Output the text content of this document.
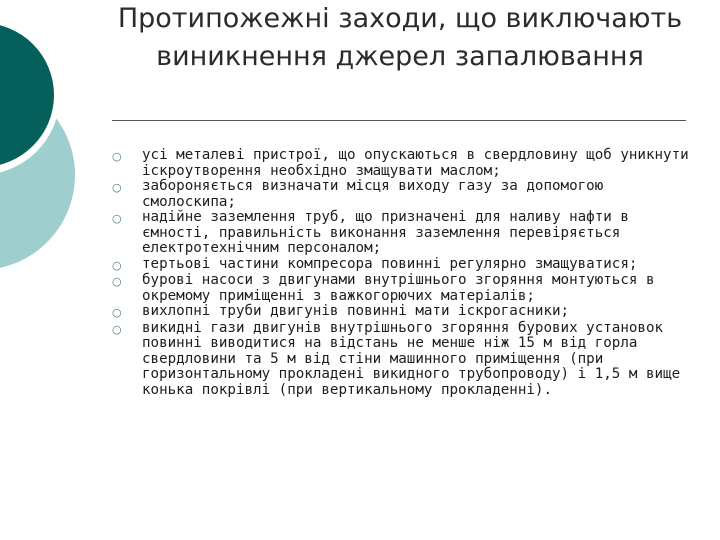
Протипожежні заходи, що виключають виникнення джерел запалювання
○	усі металеві пристрої, що опускаються в свердловину щоб уникнути іскроутворення необхідно змащувати маслом;
○	забороняється визначати місця виходу газу за допомогою смолоскипа;
○	надійне заземлення труб, що призначені для наливу нафти в ємності, правильність виконання заземлення перевіряється електротехнічним персоналом;
○	тертьові частини компресора повинні регулярно змащуватися;
○	бурові насоси з двигунами внутрішнього згоряння монтуються в окремому приміщенні з важкогорючих матеріалів;
○	вихлопні труби двигунів повинні мати іскрогасники;
○	викидні гази двигунів внутрішнього згоряння бурових установок повинні виводитися на відстань не менше ніж 15 м від горла свердловини та 5 м від стіни машинного приміщення (при горизонтальному прокладені викидного трубопроводу) і 1,5 м вище конька покрівлі (при вертикальному прокладенні).
